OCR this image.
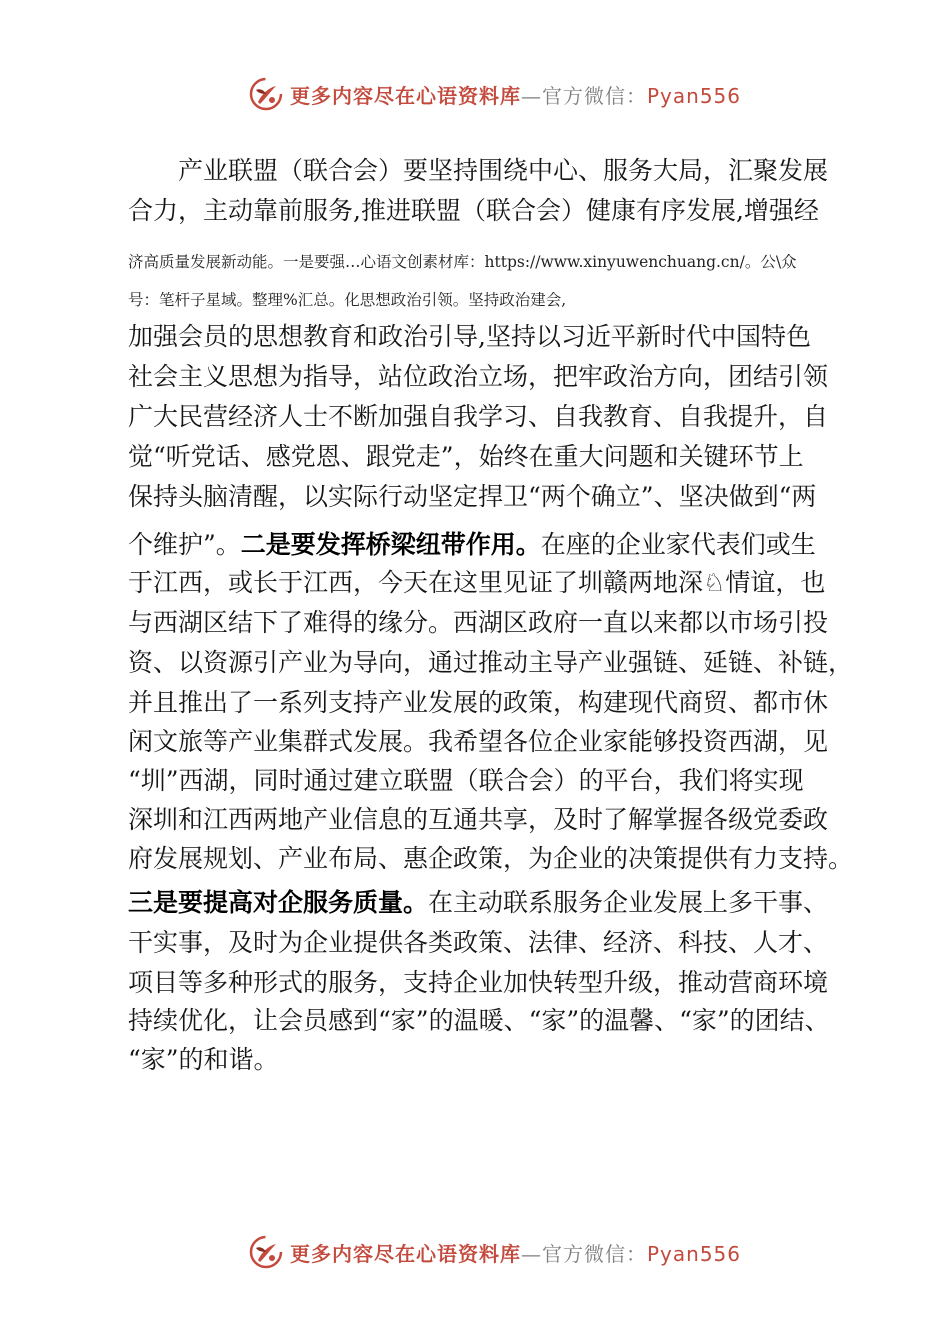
更多内容尽在心语资料库—官方微信：Pyan556
产业联盟（联合会）要坚持围绕中心、服务大局，汇聚发展
合力，主动靠前服务,推进联盟（联合会）健康有序发展,增强经
济高质量发展新动能。一是要强…心语文创素材库：https://www.xinyuwenchuang.cn/。公\众
号：笔杆子星域。整理%汇总。化思想政治引领。坚持政治建会,
加强会员的思想教育和政治引导,坚持以习近平新时代中国特色
社会主义思想为指导，站位政治立场，把牢政治方向，团结引领
广大民营经济人士不断加强自我学习、自我教育、自我提升，自
觉“听党话、感党恩、跟党走”，始终在重大问题和关键环节上
保持头脑清醒，以实际行动坚定捍卫“两个确立”、坚决做到“两
个维护”。二是要发挥桥梁纽带作用。在座的企业家代表们或生
于江西，或长于江西，今天在这里见证了圳赣两地深♘情谊，也
与西湖区结下了难得的缘分。西湖区政府一直以来都以市场引投
资、以资源引产业为导向，通过推动主导产业强链、延链、补链，
并且推出了一系列支持产业发展的政策，构建现代商贸、都市休
闲文旅等产业集群式发展。我希望各位企业家能够投资西湖，见
“圳”西湖，同时通过建立联盟（联合会）的平台，我们将实现
深圳和江西两地产业信息的互通共享，及时了解掌握各级党委政
府发展规划、产业布局、惠企政策，为企业的决策提供有力支持。
三是要提高对企服务质量。在主动联系服务企业发展上多干事、
干实事，及时为企业提供各类政策、法律、经济、科技、人才、
项目等多种形式的服务，支持企业加快转型升级，推动营商环境
持续优化，让会员感到“家”的温暖、“家”的温馨、“家”的团结、
“家”的和谐。
更多内容尽在心语资料库—官方微信：Pyan556
